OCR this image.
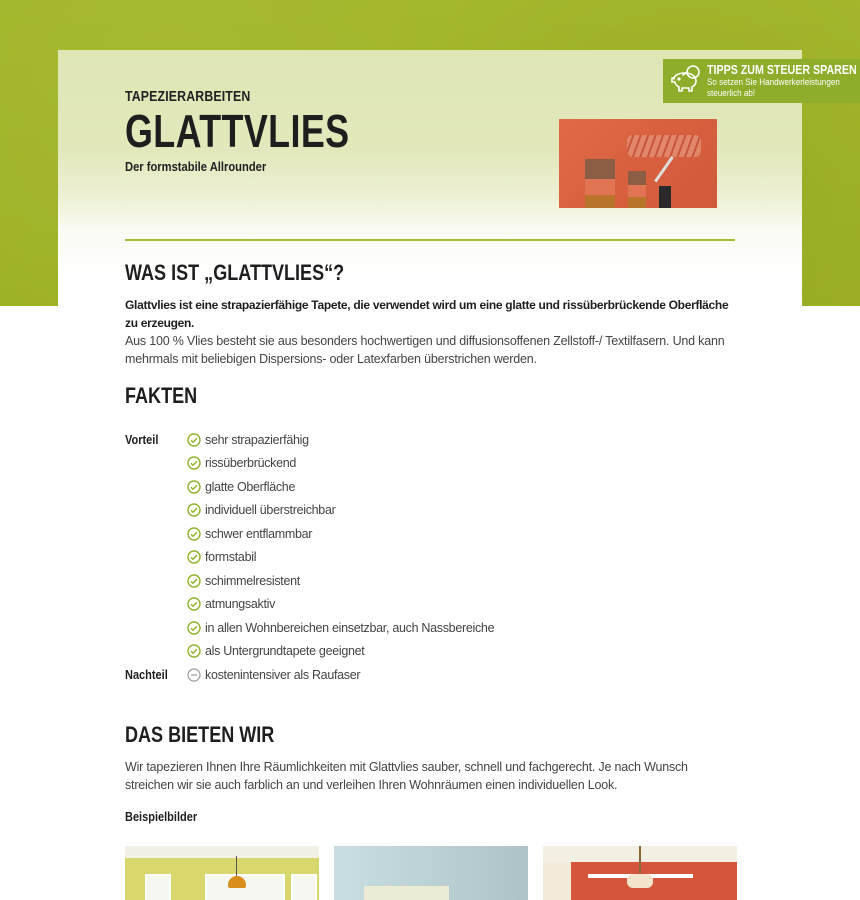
TAPEZIERARBEITEN
GLATTVLIES
Der formstabile Allrounder
TIPPS ZUM STEUER SPAREN
So setzen Sie Handwerkerleistungen
steuerlich ab!
WAS IST „GLATTVLIES“?
Glattvlies ist eine strapazierfähige Tapete, die verwendet wird um eine glatte und rissüberbrückende Oberfläche zu erzeugen.
Aus 100 % Vlies besteht sie aus besonders hochwertigen und diffusionsoffenen Zellstoff-/ Textilfasern. Und kann mehrmals mit beliebigen Dispersions- oder Latexfarben überstrichen werden.
FAKTEN
Vorteil	sehr strapazierfähig
rissüberbrückend
glatte Oberfläche
individuell überstreichbar
schwer entflammbar
formstabil
schimmelresistent
atmungsaktiv
in allen Wohnbereichen einsetzbar, auch Nassbereiche
als Untergrundtapete geeignet
Nachteil	kostenintensiver als Raufaser
DAS BIETEN WIR
Wir tapezieren Ihnen Ihre Räumlichkeiten mit Glattvlies sauber, schnell und fachgerecht. Je nach Wunsch streichen wir sie auch farblich an und verleihen Ihren Wohnräumen einen individuellen Look.
Beispielbilder
